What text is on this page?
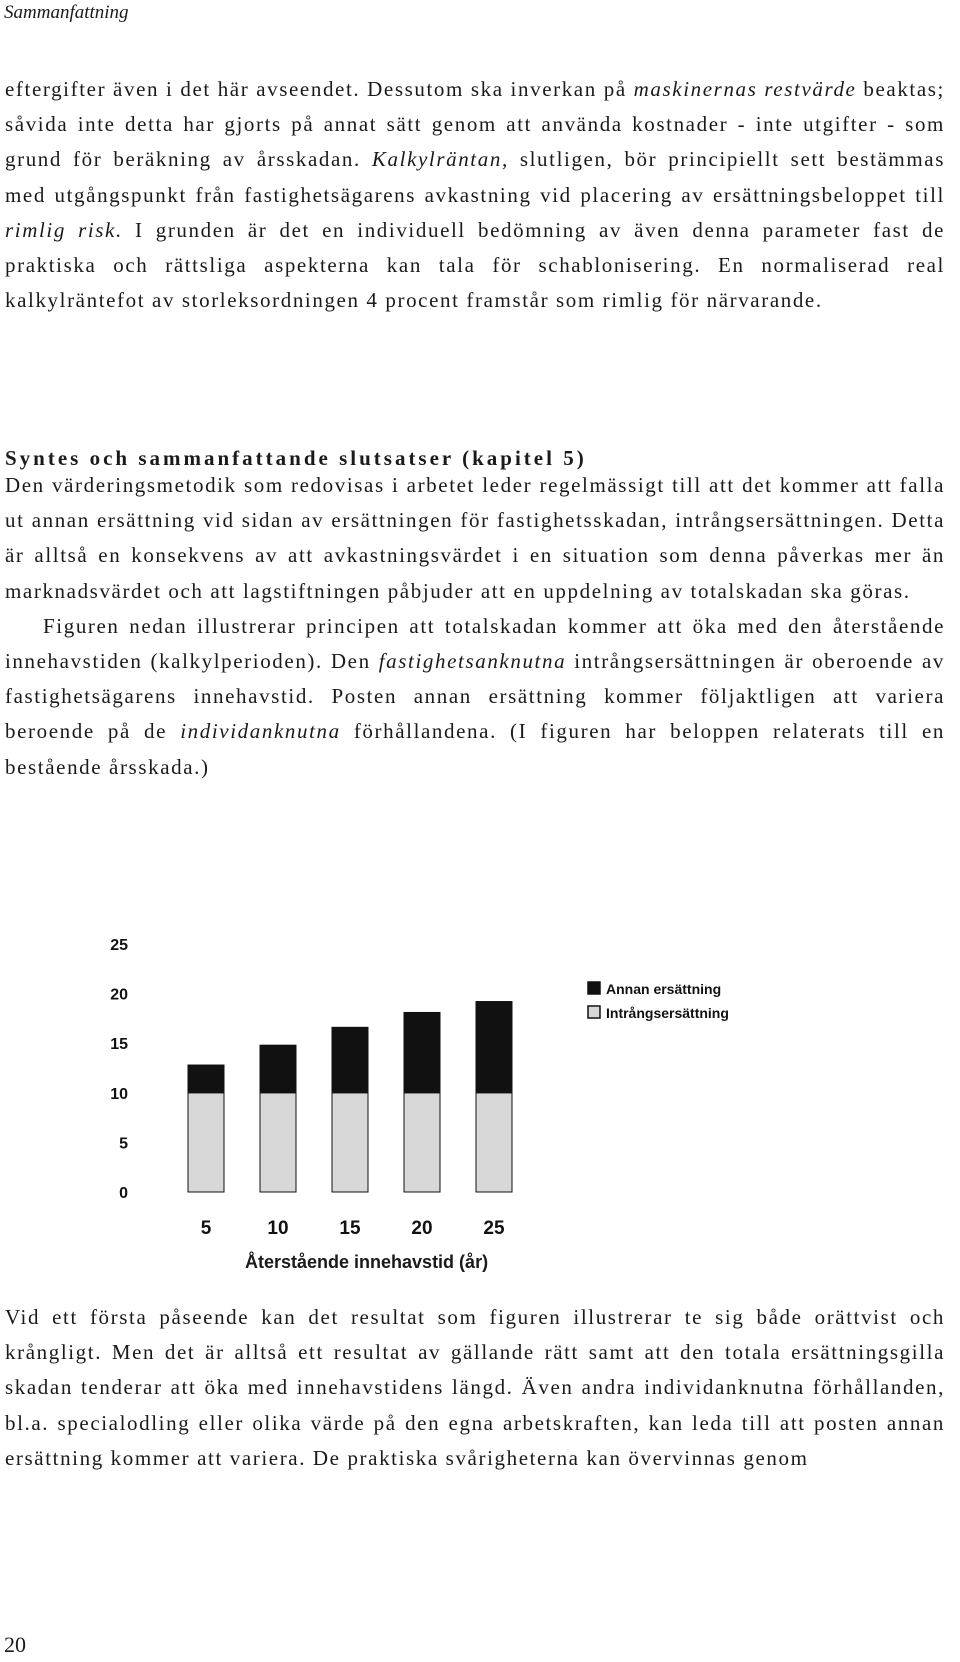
Sammanfattning

eftergifter även i det här avseendet. Dessutom ska inverkan på maskinernas restvärde beaktas; såvida inte detta har gjorts på annat sätt genom att använda kostnader - inte utgifter - som grund för beräkning av årsskadan. Kalkylräntan, slutligen, bör principiellt sett bestämmas med utgångspunkt från fastighetsägarens avkastning vid placering av ersättningsbeloppet till rimlig risk. I grunden är det en individuell bedömning av även denna parameter fast de praktiska och rättsliga aspekterna kan tala för schablonisering. En normaliserad real kalkylräntefot av storleksordningen 4 procent framstår som rimlig för närvarande.

Syntes och sammanfattande slutsatser (kapitel 5)

Den värderingsmetodik som redovisas i arbetet leder regelmässigt till att det kommer att falla ut annan ersättning vid sidan av ersättningen för fastighetsskadan, intrångsersättningen. Detta är alltså en konsekvens av att avkastningsvärdet i en situation som denna påverkas mer än marknadsvärdet och att lagstiftningen påbjuder att en uppdelning av totalskadan ska göras.

Figuren nedan illustrerar principen att totalskadan kommer att öka med den återstående innehavstiden (kalkylperioden). Den fastighetsanknutna intrångsersättningen är oberoende av fastighetsägarens innehavstid. Posten annan ersättning kommer följaktligen att variera beroende på de individanknutna förhållandena. (I figuren har beloppen relaterats till en bestående årsskada.)

0
5
10
15
20
25
5	10	15	20	25
Annan ersättning
Intrångsersättning
Återstående innehavstid (år)

Vid ett första påseende kan det resultat som figuren illustrerar te sig både orättvist och krångligt. Men det är alltså ett resultat av gällande rätt samt att den totala ersättningsgilla skadan tenderar att öka med innehavstidens längd. Även andra individanknutna förhållanden, bl.a. specialodling eller olika värde på den egna arbetskraften, kan leda till att posten annan ersättning kommer att variera. De praktiska svårigheterna kan övervinnas genom

20
